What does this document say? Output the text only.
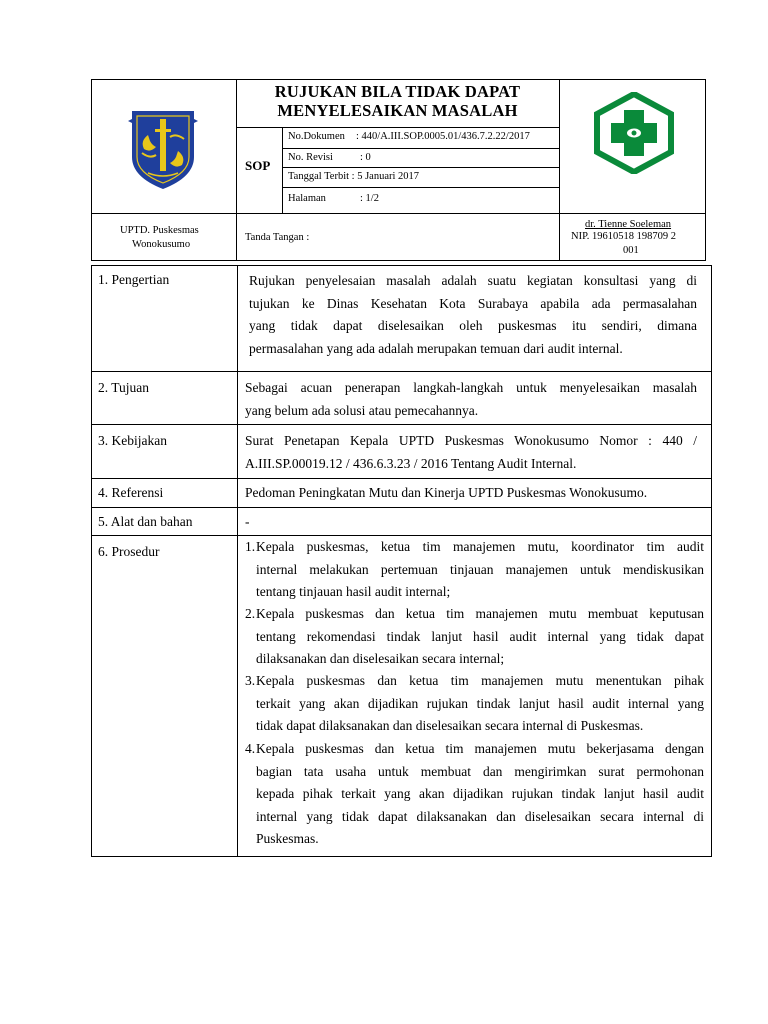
RUJUKAN BILA TIDAK DAPAT
MENYELESAIKAN MASALAH
SOP
No.Dokumen : 440/A.III.SOP.0005.01/436.7.2.22/2017
No. Revisi	: 0
Tanggal Terbit : 5 Januari 2017
Halaman	: 1/2
UPTD. Puskesmas
Wonokusumo
Tanda Tangan :
dr. Tienne Soeleman
NIP. 19610518 198709 2
001
1. Pengertian
2. Tujuan
3. Kebijakan
4. Referensi
5. Alat dan bahan
6. Prosedur
Rujukan penyelesaian masalah adalah suatu kegiatan konsultasi yang di
tujukan ke Dinas Kesehatan Kota Surabaya apabila ada permasalahan
yang tidak dapat diselesaikan oleh puskesmas itu sendiri, dimana
permasalahan yang ada adalah merupakan temuan dari audit internal.
Sebagai acuan penerapan langkah-langkah untuk menyelesaikan masalah
yang belum ada solusi atau pemecahannya.
Surat Penetapan Kepala UPTD Puskesmas Wonokusumo Nomor : 440 /
A.III.SP.00019.12 / 436.6.3.23 / 2016 Tentang Audit Internal.
Pedoman Peningkatan Mutu dan Kinerja UPTD Puskesmas Wonokusumo.
-
1. Kepala puskesmas, ketua tim manajemen mutu, koordinator tim audit
internal melakukan pertemuan tinjauan manajemen untuk mendiskusikan
tentang tinjauan hasil audit internal;
2. Kepala puskesmas dan ketua tim manajemen mutu membuat keputusan
tentang rekomendasi tindak lanjut hasil audit internal yang tidak dapat
dilaksanakan dan diselesaikan secara internal;
3. Kepala puskesmas dan ketua tim manajemen mutu menentukan pihak
terkait yang akan dijadikan rujukan tindak lanjut hasil audit internal yang
tidak dapat dilaksanakan dan diselesaikan secara internal di Puskesmas.
4. Kepala puskesmas dan ketua tim manajemen mutu bekerjasama dengan
bagian tata usaha untuk membuat dan mengirimkan surat permohonan
kepada pihak terkait yang akan dijadikan rujukan tindak lanjut hasil audit
internal yang tidak dapat dilaksanakan dan diselesaikan secara internal di
Puskesmas.
